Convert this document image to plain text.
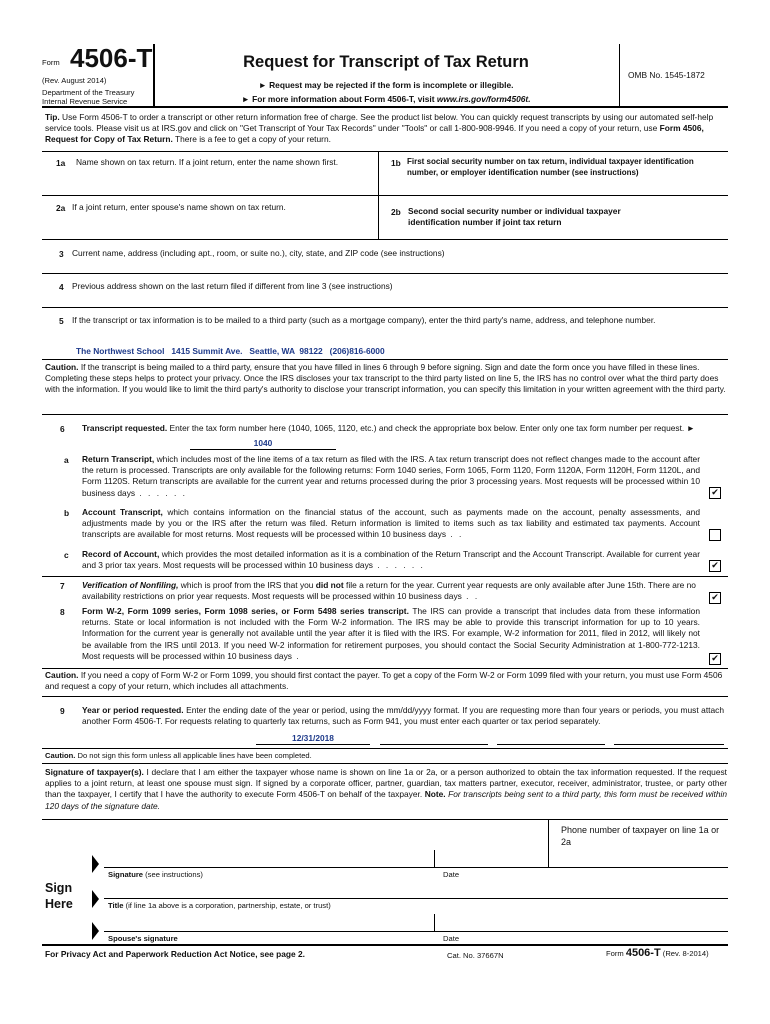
Form 4506-T
(Rev. August 2014)
Department of the Treasury
Internal Revenue Service
Request for Transcript of Tax Return
► Request may be rejected if the form is incomplete or illegible.
► For more information about Form 4506-T, visit www.irs.gov/form4506t.
OMB No. 1545-1872
Tip. Use Form 4506-T to order a transcript or other return information free of charge. See the product list below. You can quickly request transcripts by using our automated self-help service tools. Please visit us at IRS.gov and click on "Get Transcript of Your Tax Records" under "Tools" or call 1-800-908-9946. If you need a copy of your return, use Form 4506, Request for Copy of Tax Return. There is a fee to get a copy of your return.
1a Name shown on tax return. If a joint return, enter the name shown first.	1b First social security number on tax return, individual taxpayer identification number, or employer identification number (see instructions)
2a If a joint return, enter spouse's name shown on tax return.	2b Second social security number or individual taxpayer identification number if joint tax return
3 Current name, address (including apt., room, or suite no.), city, state, and ZIP code (see instructions)
4 Previous address shown on the last return filed if different from line 3 (see instructions)
5 If the transcript or tax information is to be mailed to a third party (such as a mortgage company), enter the third party's name, address, and telephone number.
The Northwest School   1415 Summit Ave.   Seattle, WA  98122   (206)816-6000
Caution. If the transcript is being mailed to a third party, ensure that you have filled in lines 6 through 9 before signing. Sign and date the form once you have filled in these lines. Completing these steps helps to protect your privacy. Once the IRS discloses your tax transcript to the third party listed on line 5, the IRS has no control over what the third party does with the information. If you would like to limit the third party's authority to disclose your transcript information, you can specify this limitation in your written agreement with the third party.
6 Transcript requested. Enter the tax form number here (1040, 1065, 1120, etc.) and check the appropriate box below. Enter only one tax form number per request. ►
1040
a Return Transcript, which includes most of the line items of a tax return as filed with the IRS. A tax return transcript does not reflect changes made to the account after the return is processed. Transcripts are only available for the following returns: Form 1040 series, Form 1065, Form 1120, Form 1120A, Form 1120H, Form 1120L, and Form 1120S. Return transcripts are available for the current year and returns processed during the prior 3 processing years. Most requests will be processed within 10 business days . . . . . .	✔
b Account Transcript, which contains information on the financial status of the account, such as payments made on the account, penalty assessments, and adjustments made by you or the IRS after the return was filed. Return information is limited to items such as tax liability and estimated tax payments. Account transcripts are available for most returns. Most requests will be processed within 10 business days . .
c Record of Account, which provides the most detailed information as it is a combination of the Return Transcript and the Account Transcript. Available for current year and 3 prior tax years. Most requests will be processed within 10 business days . . . . . .	✔
7 Verification of Nonfiling, which is proof from the IRS that you did not file a return for the year. Current year requests are only available after June 15th. There are no availability restrictions on prior year requests. Most requests will be processed within 10 business days . .	✔
8 Form W-2, Form 1099 series, Form 1098 series, or Form 5498 series transcript. The IRS can provide a transcript that includes data from these information returns. State or local information is not included with the Form W-2 information. The IRS may be able to provide this transcript information for up to 10 years. Information for the current year is generally not available until the year after it is filed with the IRS. For example, W-2 information for 2011, filed in 2012, will likely not be available from the IRS until 2013. If you need W-2 information for retirement purposes, you should contact the Social Security Administration at 1-800-772-1213. Most requests will be processed within 10 business days .	✔
Caution. If you need a copy of Form W-2 or Form 1099, you should first contact the payer. To get a copy of the Form W-2 or Form 1099 filed with your return, you must use Form 4506 and request a copy of your return, which includes all attachments.
9 Year or period requested. Enter the ending date of the year or period, using the mm/dd/yyyy format. If you are requesting more than four years or periods, you must attach another Form 4506-T. For requests relating to quarterly tax returns, such as Form 941, you must enter each quarter or tax period separately.
12/31/2018
Caution. Do not sign this form unless all applicable lines have been completed.
Signature of taxpayer(s). I declare that I am either the taxpayer whose name is shown on line 1a or 2a, or a person authorized to obtain the tax information requested. If the request applies to a joint return, at least one spouse must sign. If signed by a corporate officer, partner, guardian, tax matters partner, executor, receiver, administrator, trustee, or party other than the taxpayer, I certify that I have the authority to execute Form 4506-T on behalf of the taxpayer. Note. For transcripts being sent to a third party, this form must be received within 120 days of the signature date.
Phone number of taxpayer on line 1a or 2a
Sign
Here
Signature (see instructions)	Date
Title (if line 1a above is a corporation, partnership, estate, or trust)
Spouse's signature	Date
For Privacy Act and Paperwork Reduction Act Notice, see page 2.	Cat. No. 37667N	Form 4506-T (Rev. 8-2014)
